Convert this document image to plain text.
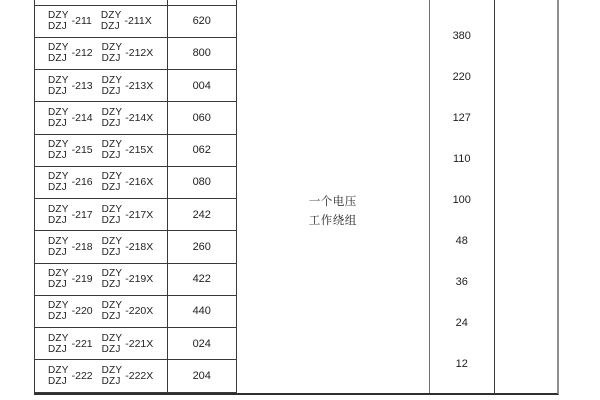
DZY
DZJ -211 DZY
DZJ -211X
DZY
DZJ -212 DZY
DZJ -212X
DZY
DZJ -213 DZY
DZJ -213X
DZY
DZJ -214 DZY
DZJ -214X
DZY
DZJ -215 DZY
DZJ -215X
DZY
DZJ -216 DZY
DZJ -216X
DZY
DZJ -217 DZY
DZJ -217X
DZY
DZJ -218 DZY
DZJ -218X
DZY
DZJ -219 DZY
DZJ -219X
DZY
DZJ -220 DZY
DZJ -220X
DZY
DZJ -221 DZY
DZJ -221X
DZY
DZJ -222 DZY
DZJ -222X
620
800
004
060
062
080
242
260
422
440
024
204
一个电压
工作绕组
380
220
127
110
100
48
36
24
12
